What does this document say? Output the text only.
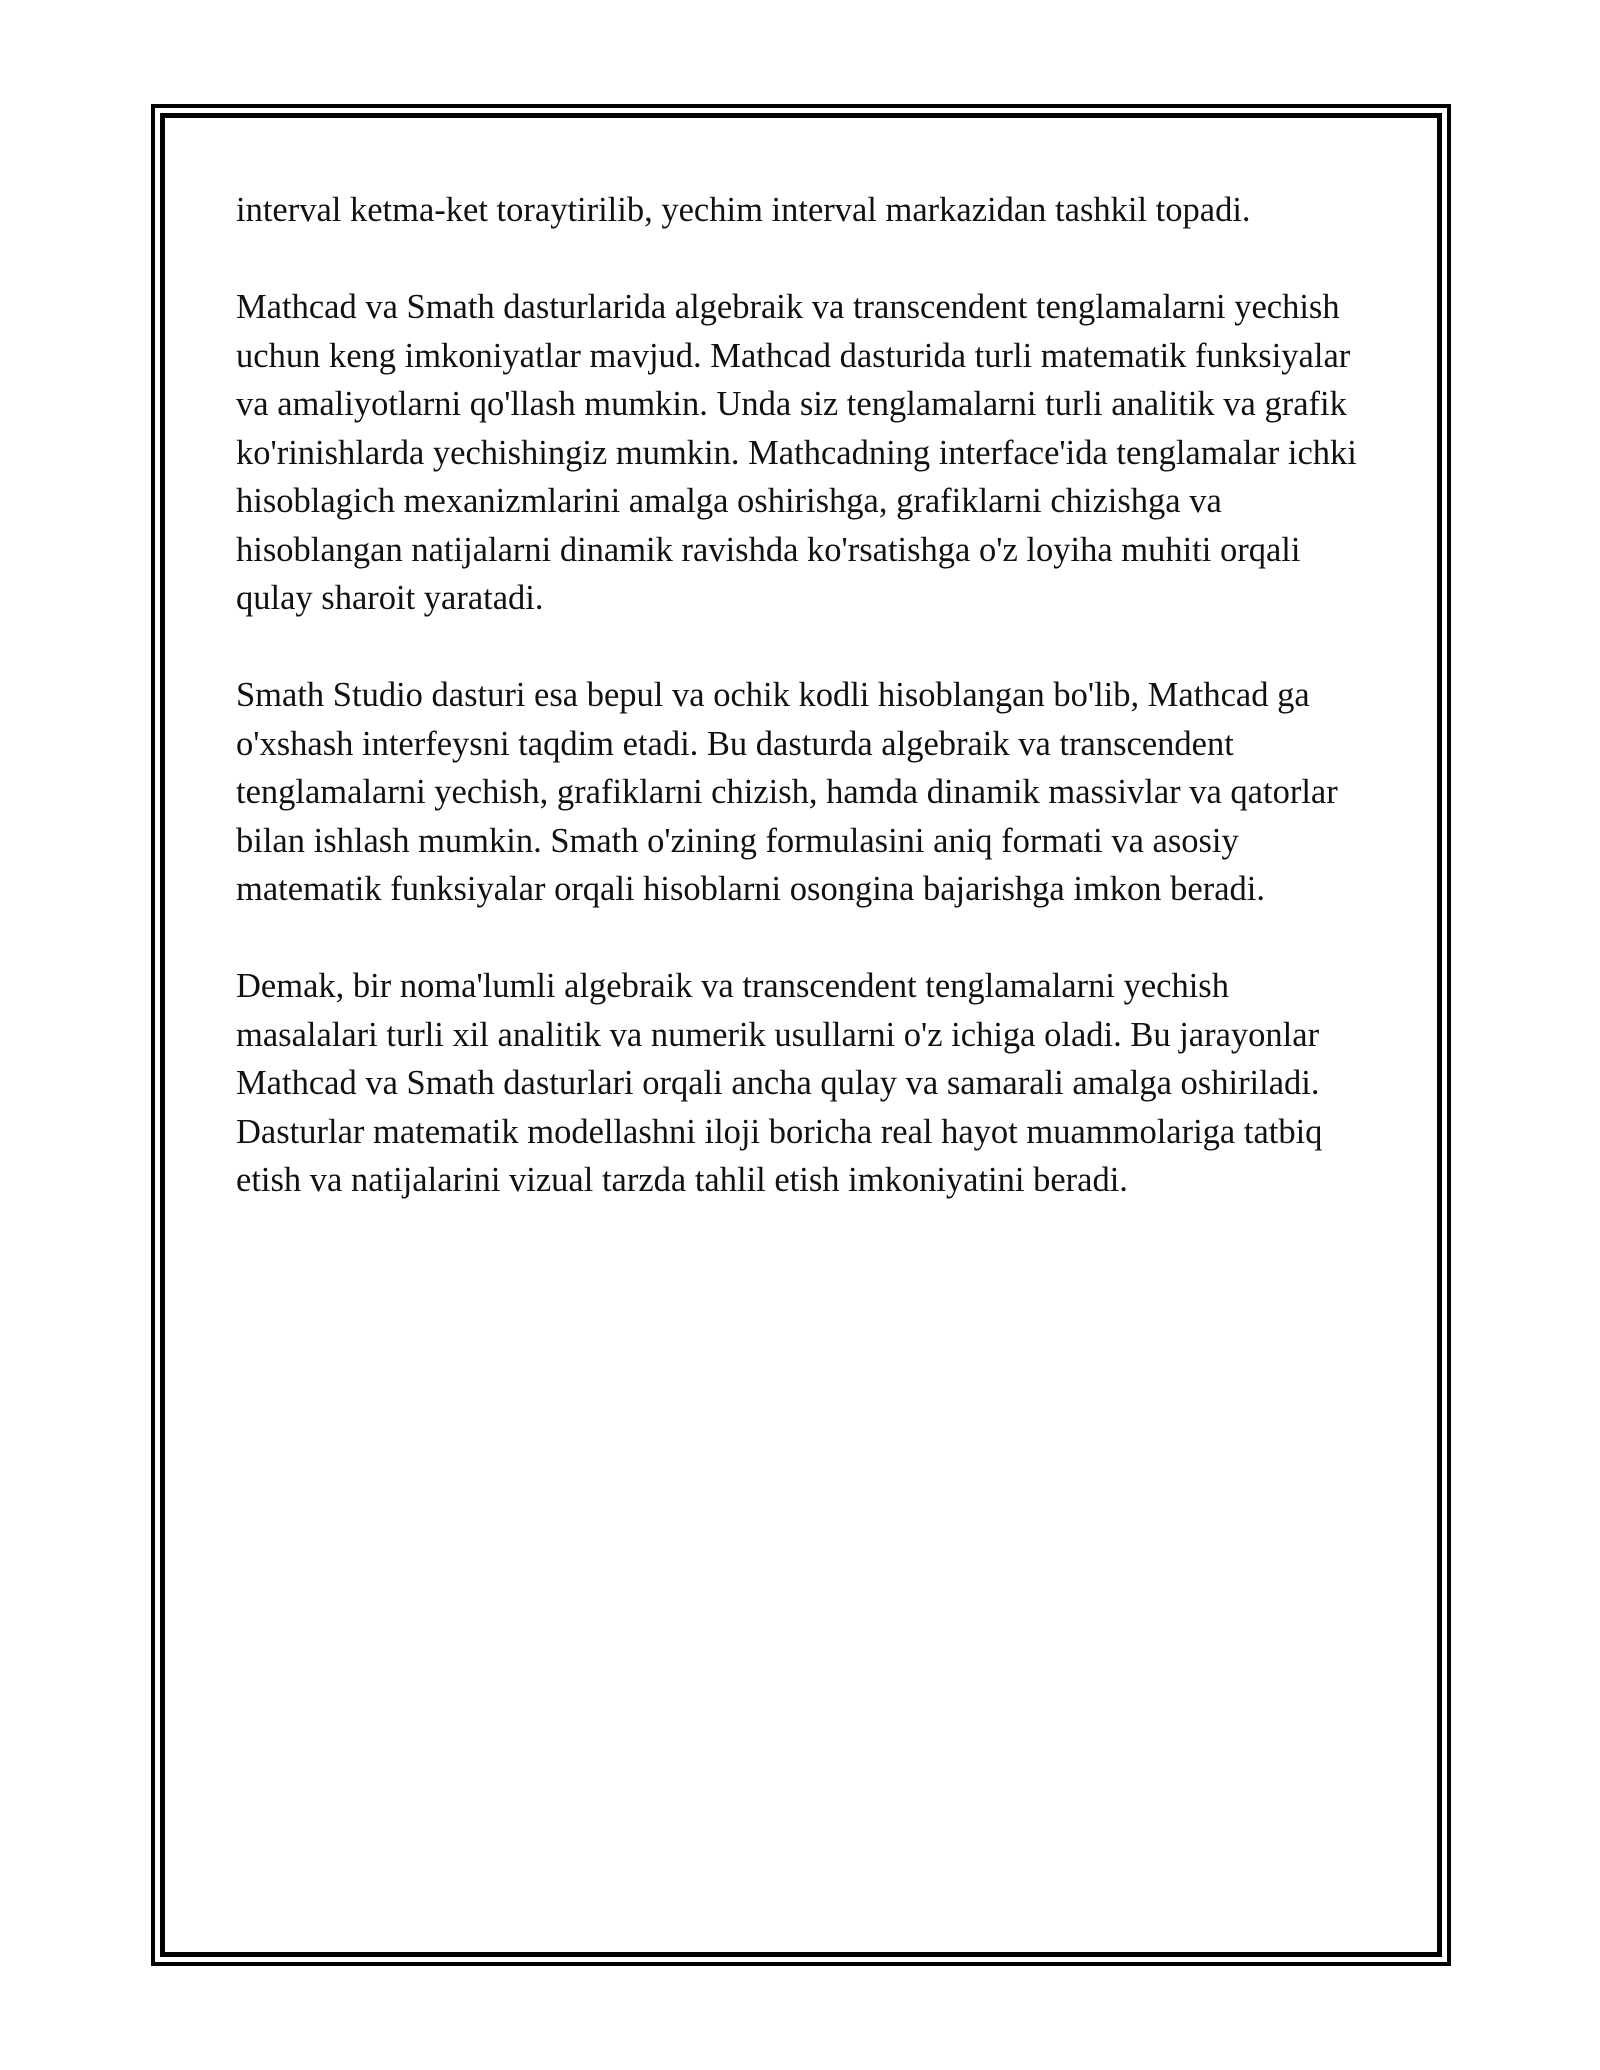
interval ketma-ket toraytirilib, yechim interval markazidan tashkil topadi.

Mathcad va Smath dasturlarida algebraik va transcendent tenglamalarni yechish uchun keng imkoniyatlar mavjud. Mathcad dasturida turli matematik funksiyalar va amaliyotlarni qo'llash mumkin. Unda siz tenglamalarni turli analitik va grafik ko'rinishlarda yechishingiz mumkin. Mathcadning interface'ida tenglamalar ichki hisoblagich mexanizmlarini amalga oshirishga, grafiklarni chizishga va hisoblangan natijalarni dinamik ravishda ko'rsatishga o'z loyiha muhiti orqali qulay sharoit yaratadi.

Smath Studio dasturi esa bepul va ochik kodli hisoblangan bo'lib, Mathcad ga o'xshash interfeysni taqdim etadi. Bu dasturda algebraik va transcendent tenglamalarni yechish, grafiklarni chizish, hamda dinamik massivlar va qatorlar bilan ishlash mumkin. Smath o'zining formulasini aniq formati va asosiy matematik funksiyalar orqali hisoblarni osongina bajarishga imkon beradi.

Demak, bir noma'lumli algebraik va transcendent tenglamalarni yechish masalalari turli xil analitik va numerik usullarni o'z ichiga oladi. Bu jarayonlar Mathcad va Smath dasturlari orqali ancha qulay va samarali amalga oshiriladi. Dasturlar matematik modellashni iloji boricha real hayot muammolariga tatbiq etish va natijalarini vizual tarzda tahlil etish imkoniyatini beradi.
